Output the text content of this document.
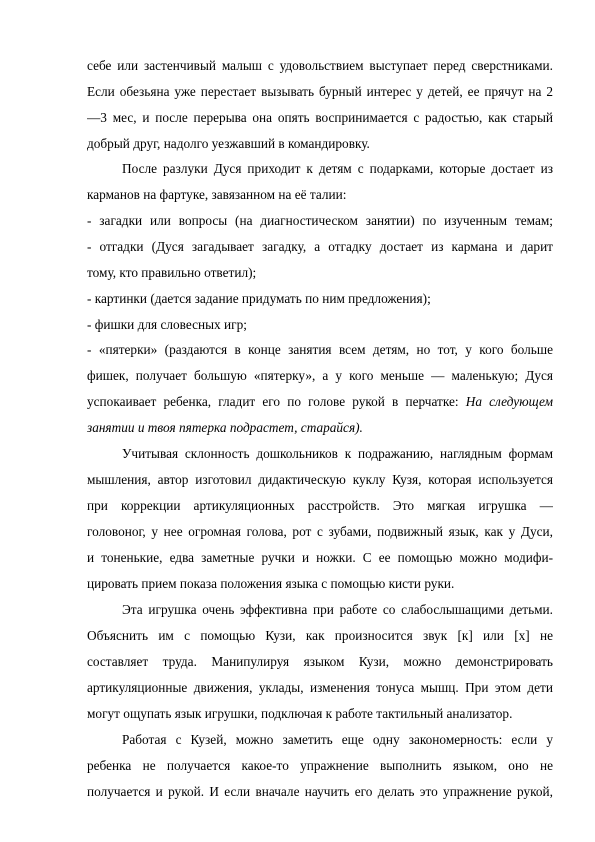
себе или застенчивый малыш с удовольствием выступает перед сверстниками.
Если обезьяна уже перестает вызывать бурный интерес у детей, ее прячут на 2
—3 мес, и после перерыва она опять воспринимается с радостью, как старый
добрый друг, надолго уезжавший в командировку.
После разлуки Дуся приходит к детям с подарками, которые достает из
карманов на фартуке, завязанном на её талии:
- загадки или вопросы (на диагностическом занятии) по изученным темам;
- отгадки (Дуся загадывает загадку, а отгадку достает из кармана и дарит
тому, кто правильно ответил);
- картинки (дается задание придумать по ним предложения);
- фишки для словесных игр;
- «пятерки» (раздаются в конце занятия всем детям, но тот, у кого больше
фишек, получает большую «пятерку», а у кого меньше — маленькую; Дуся
успокаивает ребенка, гладит его по голове рукой в перчатке: На следующем
занятии и твоя пятерка подрастет, старайся).
Учитывая склонность дошкольников к подражанию, наглядным формам
мышления, автор изготовил дидактическую куклу Кузя, которая используется
при коррекции артикуляционных расстройств. Это мягкая игрушка —
головоног, у нее огромная голова, рот с зубами, подвижный язык, как у Дуси,
и тоненькие, едва заметные ручки и ножки. С ее помощью можно модифи-
цировать прием показа положения языка с помощью кисти руки.
Эта игрушка очень эффективна при работе со слабослышащими детьми.
Объяснить им с помощью Кузи, как произносится звук [к] или [х] не
составляет труда. Манипулируя языком Кузи, можно демонстрировать
артикуляционные движения, уклады, изменения тонуса мышц. При этом дети
могут ощупать язык игрушки, подключая к работе тактильный анализатор.
Работая с Кузей, можно заметить еще одну закономерность: если у
ребенка не получается какое-то упражнение выполнить языком, оно не
получается и рукой. И если вначале научить его делать это упражнение рукой,
